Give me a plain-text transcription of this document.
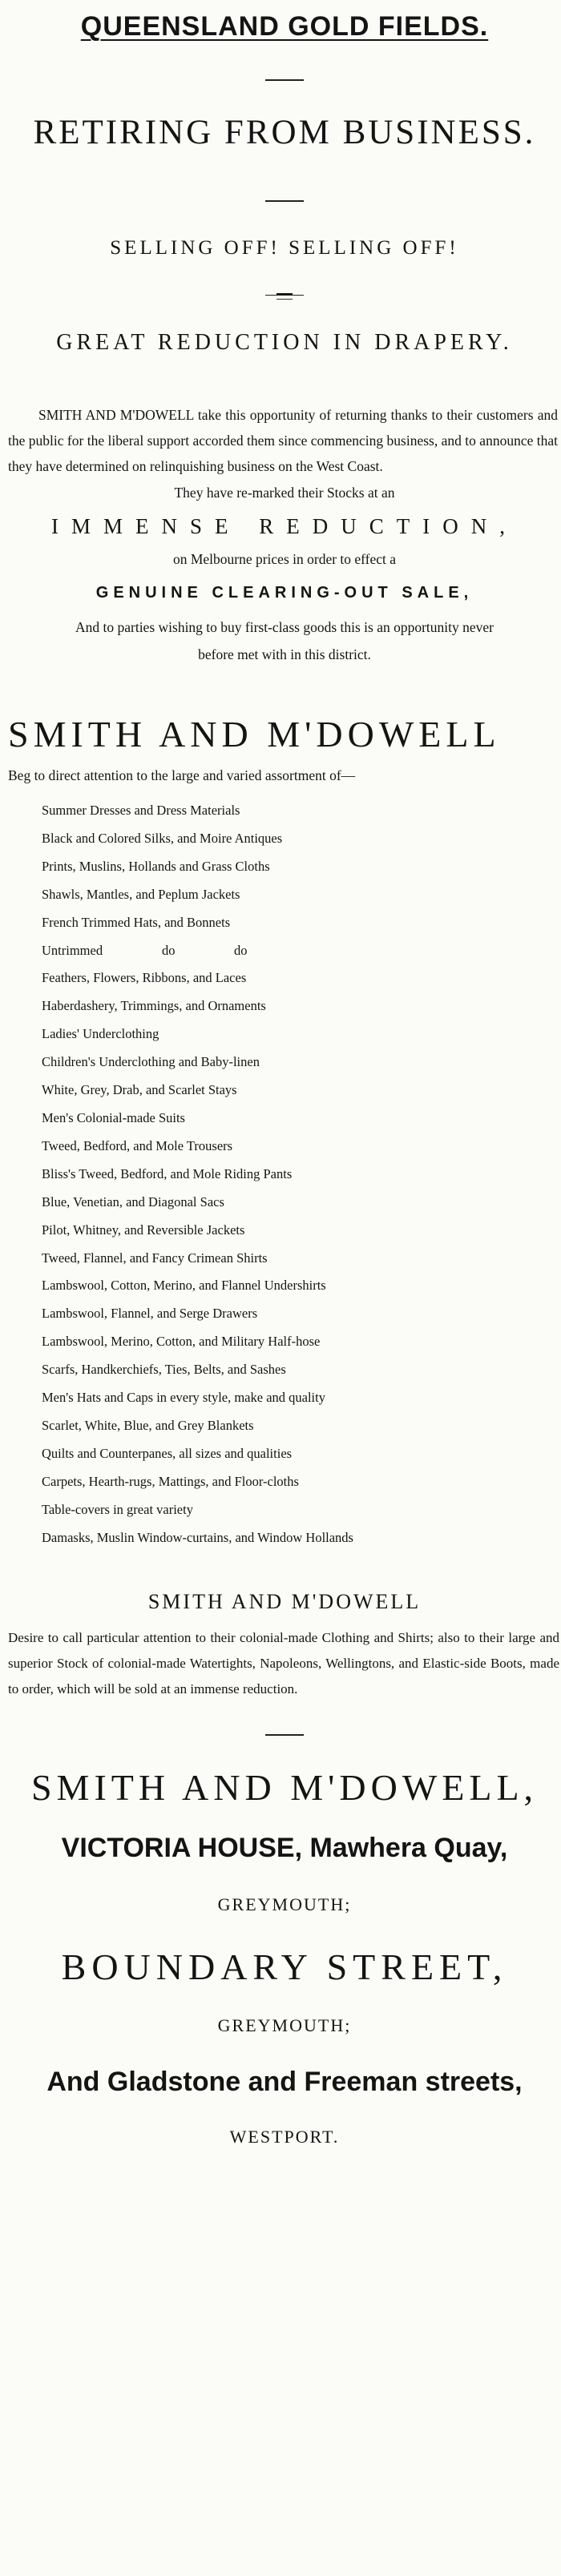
QUEENSLAND GOLD FIELDS.
RETIRING FROM BUSINESS.
SELLING OFF! SELLING OFF!
GREAT REDUCTION IN DRAPERY.

SMITH AND M'DOWELL take this opportunity of returning thanks to their customers and the public for the liberal support accorded them since commencing business, and to announce that they have determined on relinquishing business on the West Coast.

They have re-marked their Stocks at an

IMMENSE REDUCTION,

on Melbourne prices in order to effect a

GENUINE CLEARING-OUT SALE,

And to parties wishing to buy first-class goods this is an opportunity never

before met with in this district.

SMITH AND M'DOWELL

Beg to direct attention to the large and varied assortment of—

Summer Dresses and Dress Materials
Black and Colored Silks, and Moire Antiques
Prints, Muslins, Hollands and Grass Cloths
Shawls, Mantles, and Peplum Jackets
French Trimmed Hats, and Bonnets
Untrimmed	do	do
Feathers, Flowers, Ribbons, and Laces
Haberdashery, Trimmings, and Ornaments
Ladies' Underclothing
Children's Underclothing and Baby-linen
White, Grey, Drab, and Scarlet Stays
Men's Colonial-made Suits
Tweed, Bedford, and Mole Trousers
Bliss's Tweed, Bedford, and Mole Riding Pants
Blue, Venetian, and Diagonal Sacs
Pilot, Whitney, and Reversible Jackets
Tweed, Flannel, and Fancy Crimean Shirts
Lambswool, Cotton, Merino, and Flannel Undershirts
Lambswool, Flannel, and Serge Drawers
Lambswool, Merino, Cotton, and Military Half-hose
Scarfs, Handkerchiefs, Ties, Belts, and Sashes
Men's Hats and Caps in every style, make and quality
Scarlet, White, Blue, and Grey Blankets
Quilts and Counterpanes, all sizes and qualities
Carpets, Hearth-rugs, Mattings, and Floor-cloths
Table-covers in great variety
Damasks, Muslin Window-curtains, and Window Hollands
SMITH AND M'DOWELL

Desire to call particular attention to their colonial-made Clothing and Shirts; also to their large and superior Stock of colonial-made Watertights, Napoleons, Wellingtons, and Elastic-side Boots, made to order, which will be sold at an immense reduction.

SMITH AND M'DOWELL,
VICTORIA HOUSE, Mawhera Quay,
GREYMOUTH;
BOUNDARY STREET,
GREYMOUTH;
And Gladstone and Freeman streets,
WESTPORT.
